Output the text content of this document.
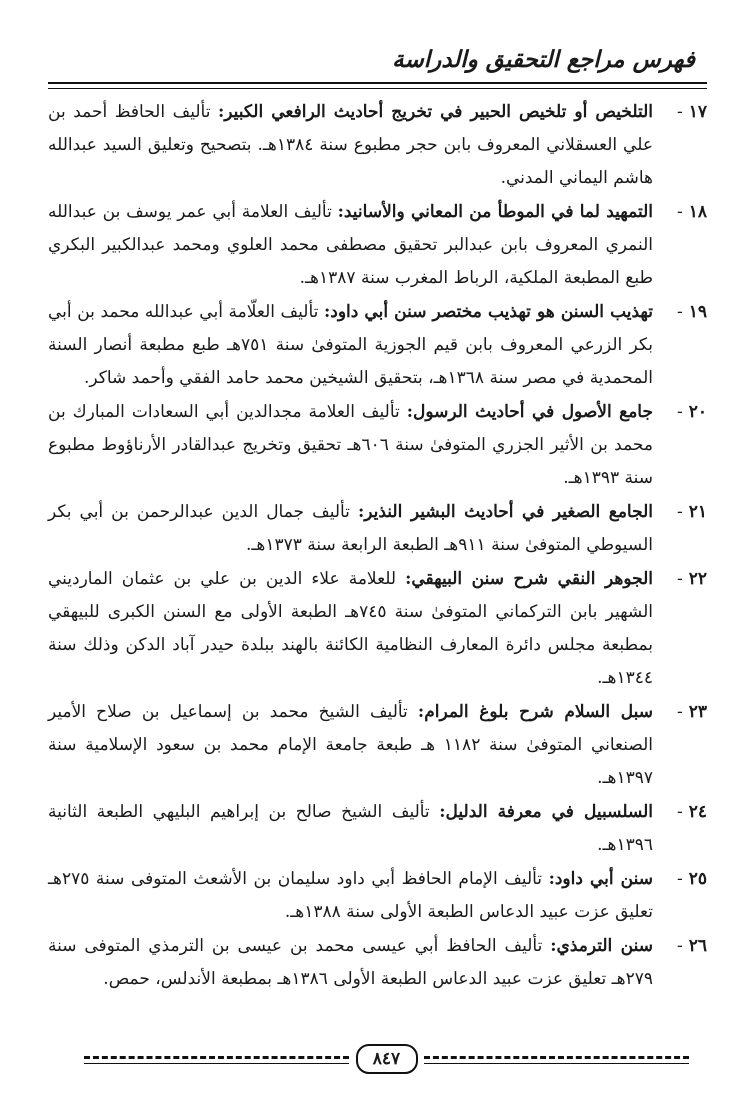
فهرس مراجع التحقيق والدراسة
١٧-
التلخيص أو تلخيص الحبير في تخريج أحاديث الرافعي الكبير: تأليف الحافظ أحمد بن علي العسقلاني المعروف بابن حجر مطبوع سنة ١٣٨٤هـ. بتصحيح وتعليق السيد عبدالله هاشم اليماني المدني.
١٨-
التمهيد لما في الموطأ من المعاني والأسانيد: تأليف العلامة أبي عمر يوسف بن عبدالله النمري المعروف بابن عبدالبر تحقيق مصطفى محمد العلوي ومحمد عبدالكبير البكري طبع المطبعة الملكية، الرباط المغرب سنة ١٣٨٧هـ.
١٩-
تهذيب السنن هو تهذيب مختصر سنن أبي داود: تأليف العلّامة أبي عبدالله محمد بن أبي بكر الزرعي المعروف بابن قيم الجوزية المتوفىٰ سنة ٧٥١هـ طبع مطبعة أنصار السنة المحمدية في مصر سنة ١٣٦٨هـ، بتحقيق الشيخين محمد حامد الفقي وأحمد شاكر.
٢٠-
جامع الأصول في أحاديث الرسول: تأليف العلامة مجدالدين أبي السعادات المبارك بن محمد بن الأثير الجزري المتوفىٰ سنة ٦٠٦هـ تحقيق وتخريج عبدالقادر الأرناؤوط مطبوع سنة ١٣٩٣هـ.
٢١-
الجامع الصغير في أحاديث البشير النذير: تأليف جمال الدين عبدالرحمن بن أبي بكر السيوطي المتوفىٰ سنة ٩١١هـ الطبعة الرابعة سنة ١٣٧٣هـ.
٢٢-
الجوهر النقي شرح سنن البيهقي: للعلامة علاء الدين بن علي بن عثمان المارديني الشهير بابن التركماني المتوفىٰ سنة ٧٤٥هـ الطبعة الأولى مع السنن الكبرى للبيهقي بمطبعة مجلس دائرة المعارف النظامية الكائنة بالهند ببلدة حيدر آباد الدكن وذلك سنة ١٣٤٤هـ.
٢٣-
سبل السلام شرح بلوغ المرام: تأليف الشيخ محمد بن إسماعيل بن صلاح الأمير الصنعاني المتوفىٰ سنة ١١٨٢ هـ طبعة جامعة الإمام محمد بن سعود الإسلامية سنة ١٣٩٧هـ.
٢٤-
السلسبيل في معرفة الدليل: تأليف الشيخ صالح بن إبراهيم البليهي الطبعة الثانية ١٣٩٦هـ.
٢٥-
سنن أبي داود: تأليف الإمام الحافظ أبي داود سليمان بن الأشعث المتوفى سنة ٢٧٥هـ تعليق عزت عبيد الدعاس الطبعة الأولى سنة ١٣٨٨هـ.
٢٦-
سنن الترمذي: تأليف الحافظ أبي عيسى محمد بن عيسى بن الترمذي المتوفى سنة ٢٧٩هـ تعليق عزت عبيد الدعاس الطبعة الأولى ١٣٨٦هـ بمطبعة الأندلس، حمص.
٨٤٧
